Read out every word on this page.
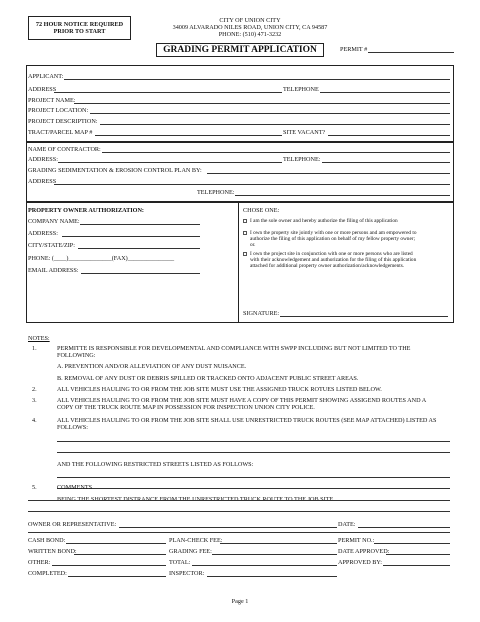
72 HOUR NOTICE REQUIRED
PRIOR TO START
CITY OF UNION CITY
34009 ALVARADO NILES ROAD, UNION CITY, CA 94587
PHONE: (510) 471-3232
GRADING PERMIT APPLICATION	PERMIT #
APPLICANT:
ADDRESS	TELEPHONE
PROJECT NAME:
PROJECT LOCATION:
PROJECT DESCRIPTION:
TRACT/PARCEL MAP #	SITE VACANT?
NAME OF CONTRACTOR:
ADDRESS:	TELEPHONE:
GRADING SEDIMENTATION & EROSION CONTROL PLAN BY:
ADDRESS
TELEPHONE:
PROPERTY OWNER AUTHORIZATION:
COMPANY NAME:
ADDRESS:
CITY/STATE/ZIP:
PHONE: (____)______________(FAX)_______________
EMAIL ADDRESS:
CHOSE ONE:
I am the sole owner and hereby authorize the filing of this application
I own the property site jointly with one or more persons and am empowered to
authorize the filing of this application on behalf of my fellow property owner;
or.
I own the project site in conjunction with one or more persons who are listed
with their acknowledgement and authorization for the filing of this application
attached for additional property owner authorization/acknowledgements.
SIGNATURE:
NOTES:
1.	PERMITTE IS RESPONSIBLE FOR DEVELOPMENTAL AND COMPLIANCE WITH SWPP INCLUDING BUT NOT LIMITED TO THE
FOLLOWING:
A. PREVENTION AND/OR ALLEVIATION OF ANY DUST NUISANCE.
B. REMOVAL OF ANY DUST OR DEBRIS SPILLED OR TRACKED ONTO ADJACENT PUBLIC STREET AREAS.
2.	ALL VEHICLES HAULING TO OR FROM THE JOB SITE MUST USE THE ASSIGNED TRUCK ROTUES LISTED BELOW.
3.	ALL VEHICLES HAULING TO OR FROM THE JOB SITE MUST HAVE A COPY OF THIS PERMIT SHOWING ASSIGEND ROUTES AND A
COPY OF THE TRUCK ROUTE MAP IN POSSESSION FOR INSPECTION UNION CITY POLICE.
4.	ALL VEHICLES HAULING TO OR FROM THE JOB SITE SHALL USE UNRESTRICTED TRUCK ROUTES (SEE MAP ATTACHED) LISTED AS
FOLLOWS:
AND THE FOLLOWING RESTRICTED STREETS LISTED AS FOLLOWS:
BEING THE SHORTEST DISTRANCE FROM THE UNRESTRICTED TRUCK ROUTE TO THE JOB SITE.
5.	COMMENTS
OWNER OR REPRESENTATIVE:	DATE:
CASH BOND:	PLAN-CHECK FEE:	PERMIT NO.:
WRITTEN BOND:	GRADING FEE:	DATE APPROVED:
OTHER:	TOTAL:	APPROVED BY:
COMPLETED:	INSPECTOR:
Page 1
